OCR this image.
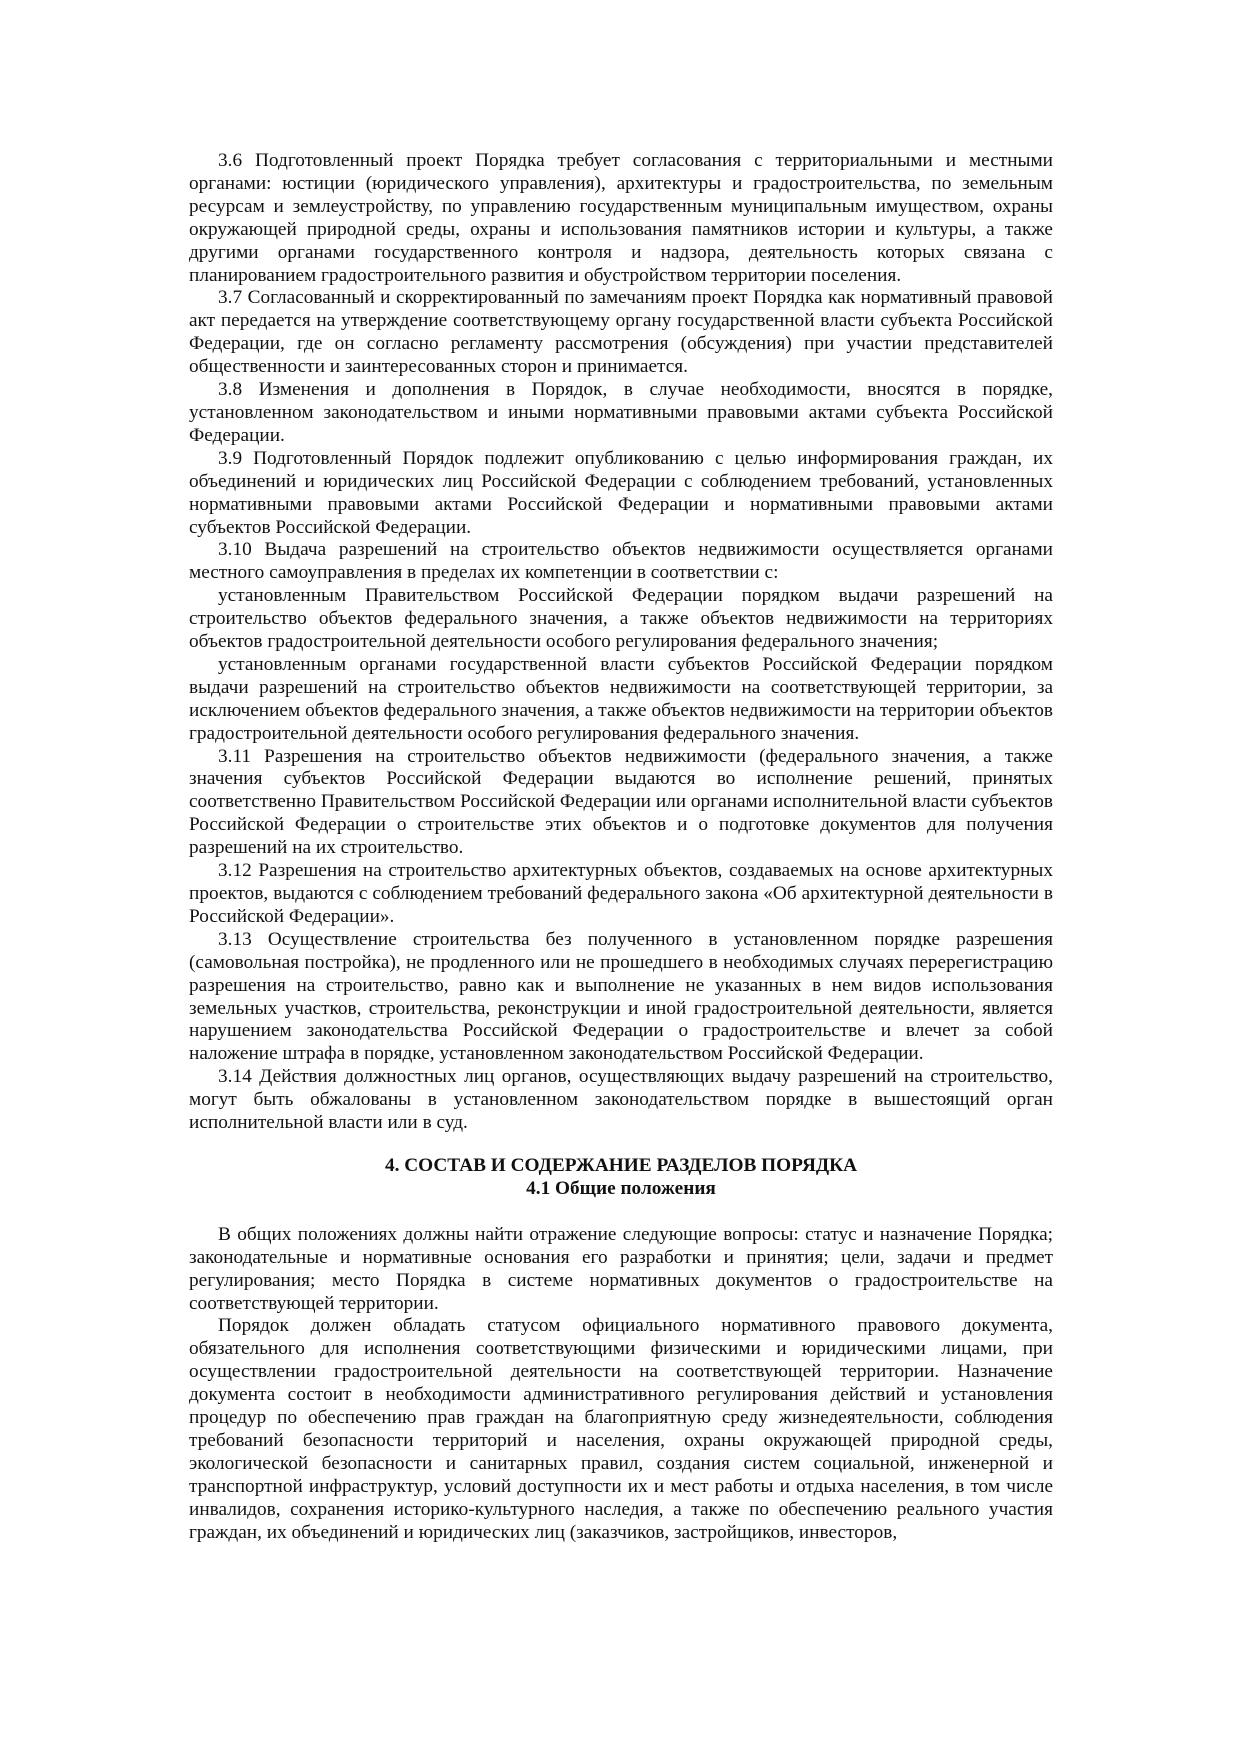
3.6 Подготовленный проект Порядка требует согласования с территориальными и местными органами: юстиции (юридического управления), архитектуры и градостроительства, по земельным ресурсам и землеустройству, по управлению государственным муниципальным имуществом, охраны окружающей природной среды, охраны и использования памятников истории и культуры, а также другими органами государственного контроля и надзора, деятельность которых связана с планированием градостроительного развития и обустройством территории поселения.

3.7 Согласованный и скорректированный по замечаниям проект Порядка как нормативный правовой акт передается на утверждение соответствующему органу государственной власти субъекта Российской Федерации, где он согласно регламенту рассмотрения (обсуждения) при участии представителей общественности и заинтересованных сторон и принимается.

3.8 Изменения и дополнения в Порядок, в случае необходимости, вносятся в порядке, установленном законодательством и иными нормативными правовыми актами субъекта Российской Федерации.

3.9 Подготовленный Порядок подлежит опубликованию с целью информирования граждан, их объединений и юридических лиц Российской Федерации с соблюдением требований, установленных нормативными правовыми актами Российской Федерации и нормативными правовыми актами субъектов Российской Федерации.

3.10 Выдача разрешений на строительство объектов недвижимости осуществляется органами местного самоуправления в пределах их компетенции в соответствии с:

установленным Правительством Российской Федерации порядком выдачи разрешений на строительство объектов федерального значения, а также объектов недвижимости на территориях объектов градостроительной деятельности особого регулирования федерального значения;

установленным органами государственной власти субъектов Российской Федерации порядком выдачи разрешений на строительство объектов недвижимости на соответствующей территории, за исключением объектов федерального значения, а также объектов недвижимости на территории объектов градостроительной деятельности особого регулирования федерального значения.

3.11 Разрешения на строительство объектов недвижимости (федерального значения, а также значения субъектов Российской Федерации выдаются во исполнение решений, принятых соответственно Правительством Российской Федерации или органами исполнительной власти субъектов Российской Федерации о строительстве этих объектов и о подготовке документов для получения разрешений на их строительство.

3.12 Разрешения на строительство архитектурных объектов, создаваемых на основе архитектурных проектов, выдаются с соблюдением требований федерального закона «Об архитектурной деятельности в Российской Федерации».

3.13 Осуществление строительства без полученного в установленном порядке разрешения (самовольная постройка), не продленного или не прошедшего в необходимых случаях перерегистрацию разрешения на строительство, равно как и выполнение не указанных в нем видов использования земельных участков, строительства, реконструкции и иной градостроительной деятельности, является нарушением законодательства Российской Федерации о градостроительстве и влечет за собой наложение штрафа в порядке, установленном законодательством Российской Федерации.

3.14 Действия должностных лиц органов, осуществляющих выдачу разрешений на строительство, могут быть обжалованы в установленном законодательством порядке в вышестоящий орган исполнительной власти или в суд.

4. СОСТАВ И СОДЕРЖАНИЕ РАЗДЕЛОВ ПОРЯДКА

4.1 Общие положения

В общих положениях должны найти отражение следующие вопросы: статус и назначение Порядка; законодательные и нормативные основания его разработки и принятия; цели, задачи и предмет регулирования; место Порядка в системе нормативных документов о градостроительстве на соответствующей территории.

Порядок должен обладать статусом официального нормативного правового документа, обязательного для исполнения соответствующими физическими и юридическими лицами, при осуществлении градостроительной деятельности на соответствующей территории. Назначение документа состоит в необходимости административного регулирования действий и установления процедур по обеспечению прав граждан на благоприятную среду жизнедеятельности, соблюдения требований безопасности территорий и населения, охраны окружающей природной среды, экологической безопасности и санитарных правил, создания систем социальной, инженерной и транспортной инфраструктур, условий доступности их и мест работы и отдыха населения, в том числе инвалидов, сохранения историко-культурного наследия, а также по обеспечению реального участия граждан, их объединений и юридических лиц (заказчиков, застройщиков, инвесторов,
